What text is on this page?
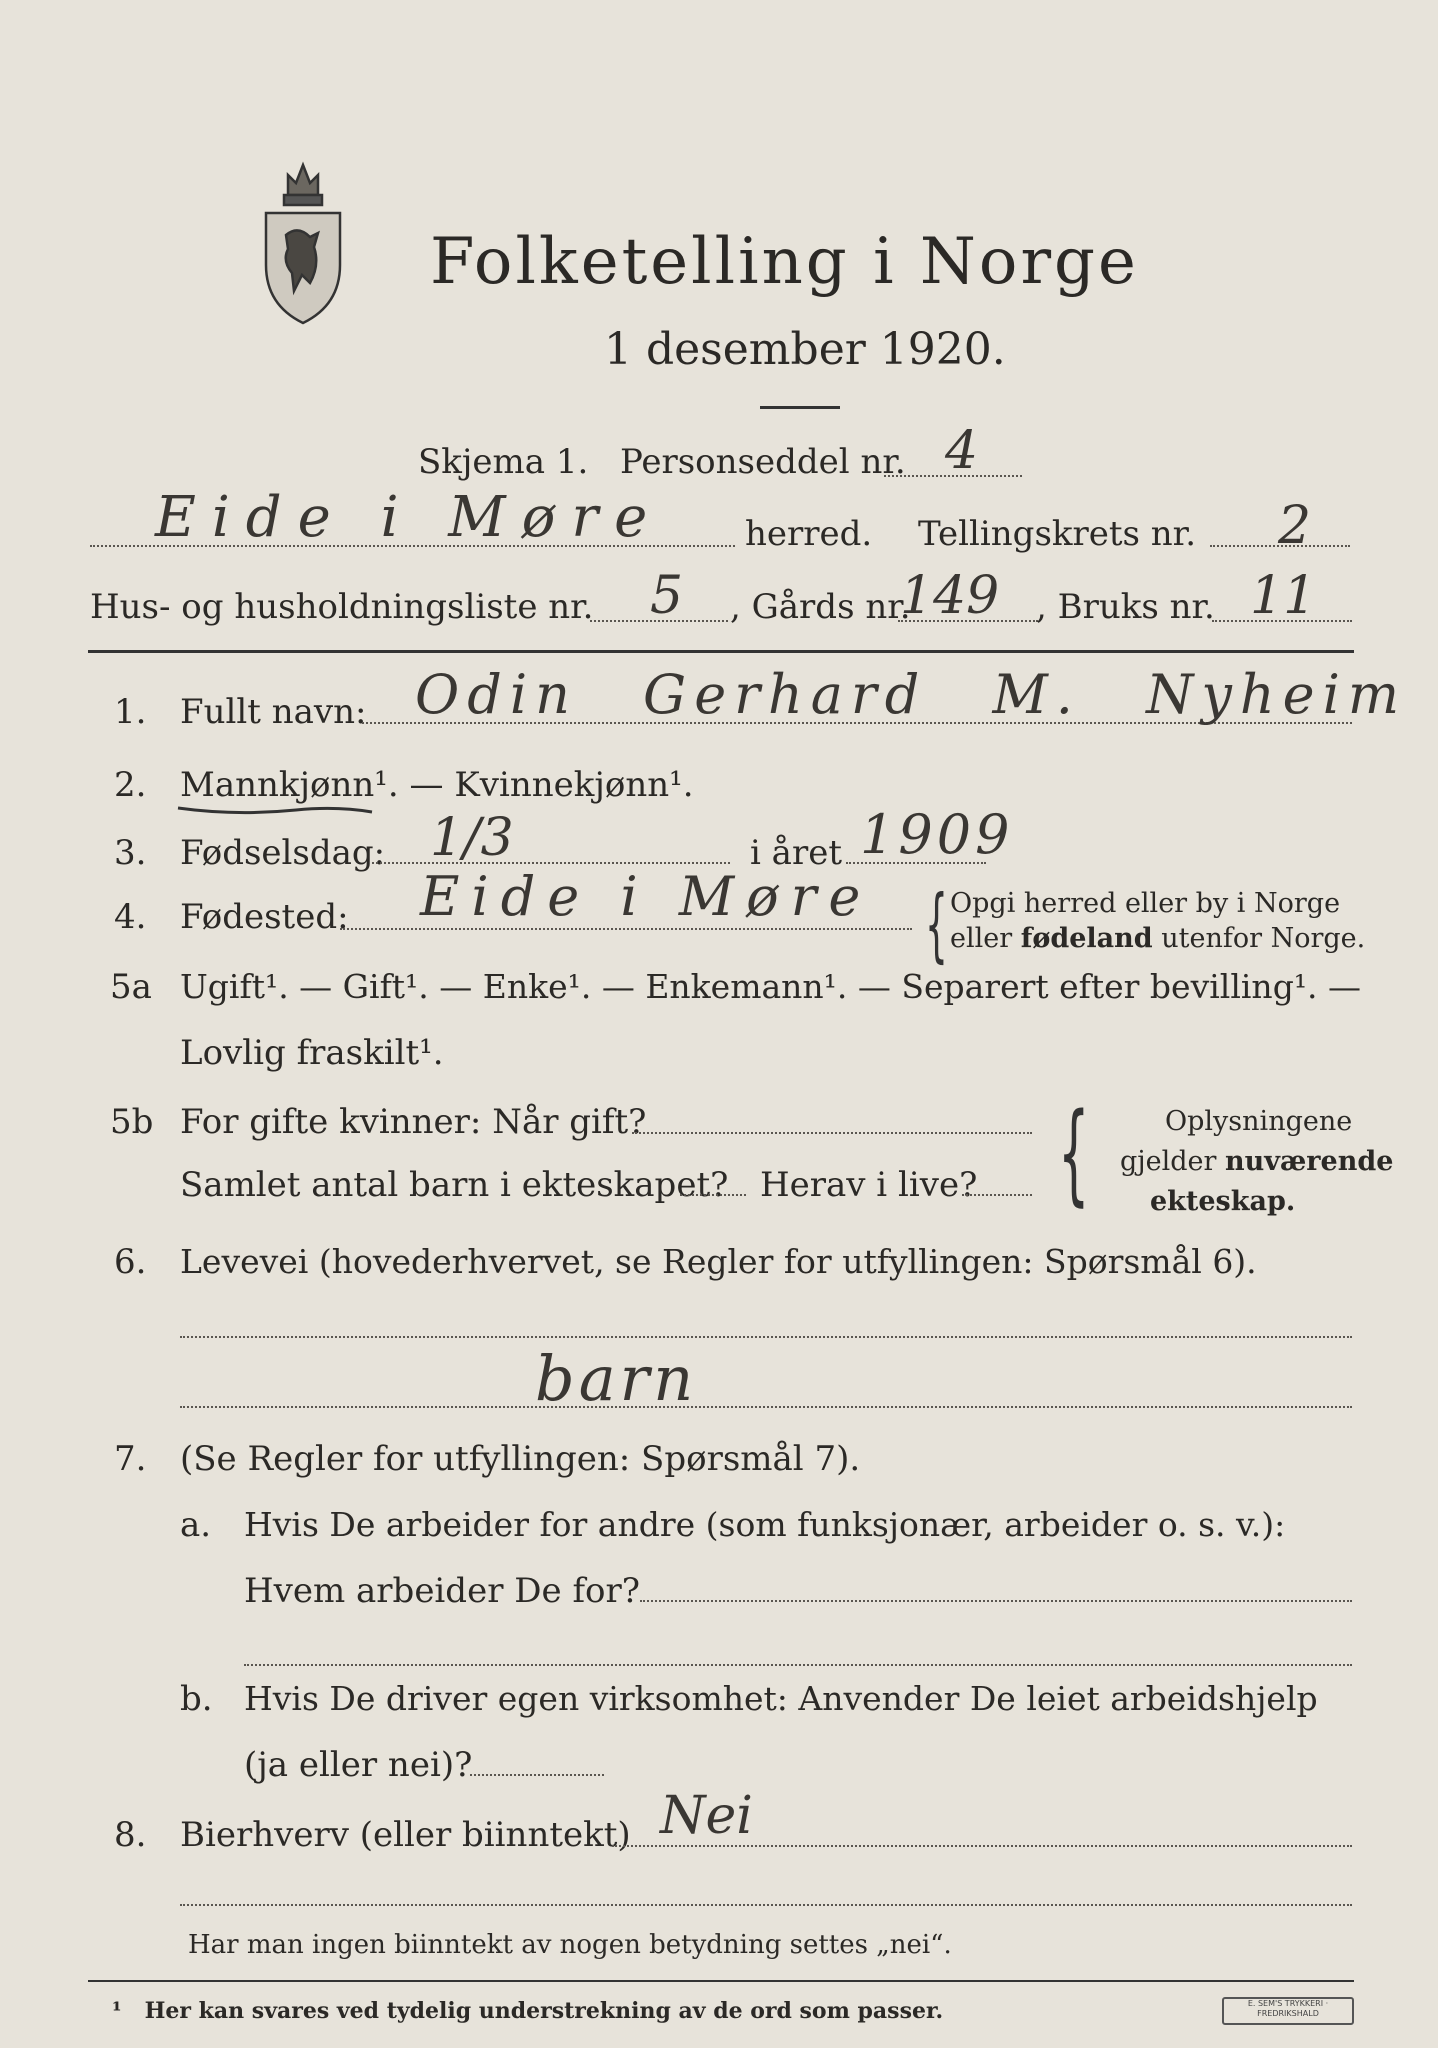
Folketelling i Norge
1 desember 1920.
Skjema 1. Personseddel nr. 4
Eide i Møre herred. Tellingskrets nr. 2
Hus- og husholdningsliste nr. 5 , Gårds nr.
149 , Bruks nr. 11
1. Fullt navn: Odin Gerhard M. Nyheim
2. Mannkjønn¹. — Kvinnekjønn¹.
3. Fødselsdag: 1/3	i året 1909
4. Fødested: Eide i Møre { Opgi herred eller by i Norge
eller fødeland utenfor Norge.
5a Ugift¹. — Gift¹. — Enke¹. — Enkemann¹. — Separert efter bevilling¹. —
Lovlig fraskilt¹.
5b For gifte kvinner: Når gift?
Samlet antal barn i ekteskapet? Herav i live? {	Oplysningene
gjelder nuværende
ekteskap.
6. Levevei (hovederhvervet, se Regler for utfyllingen: Spørsmål 6).
barn
7. (Se Regler for utfyllingen: Spørsmål 7).
a. Hvis De arbeider for andre (som funksjonær, arbeider o. s. v.):
Hvem arbeider De for?
b. Hvis De driver egen virksomhet: Anvender De leiet arbeidshjelp
(ja eller nei)?
8. Bierhverv (eller biinntekt) Nei
Har man ingen biinntekt av nogen betydning settes „nei“.
¹ Her kan svares ved tydelig understrekning av de ord som passer.	E. SEM'S TRYKKERI · FREDRIKSHALD
